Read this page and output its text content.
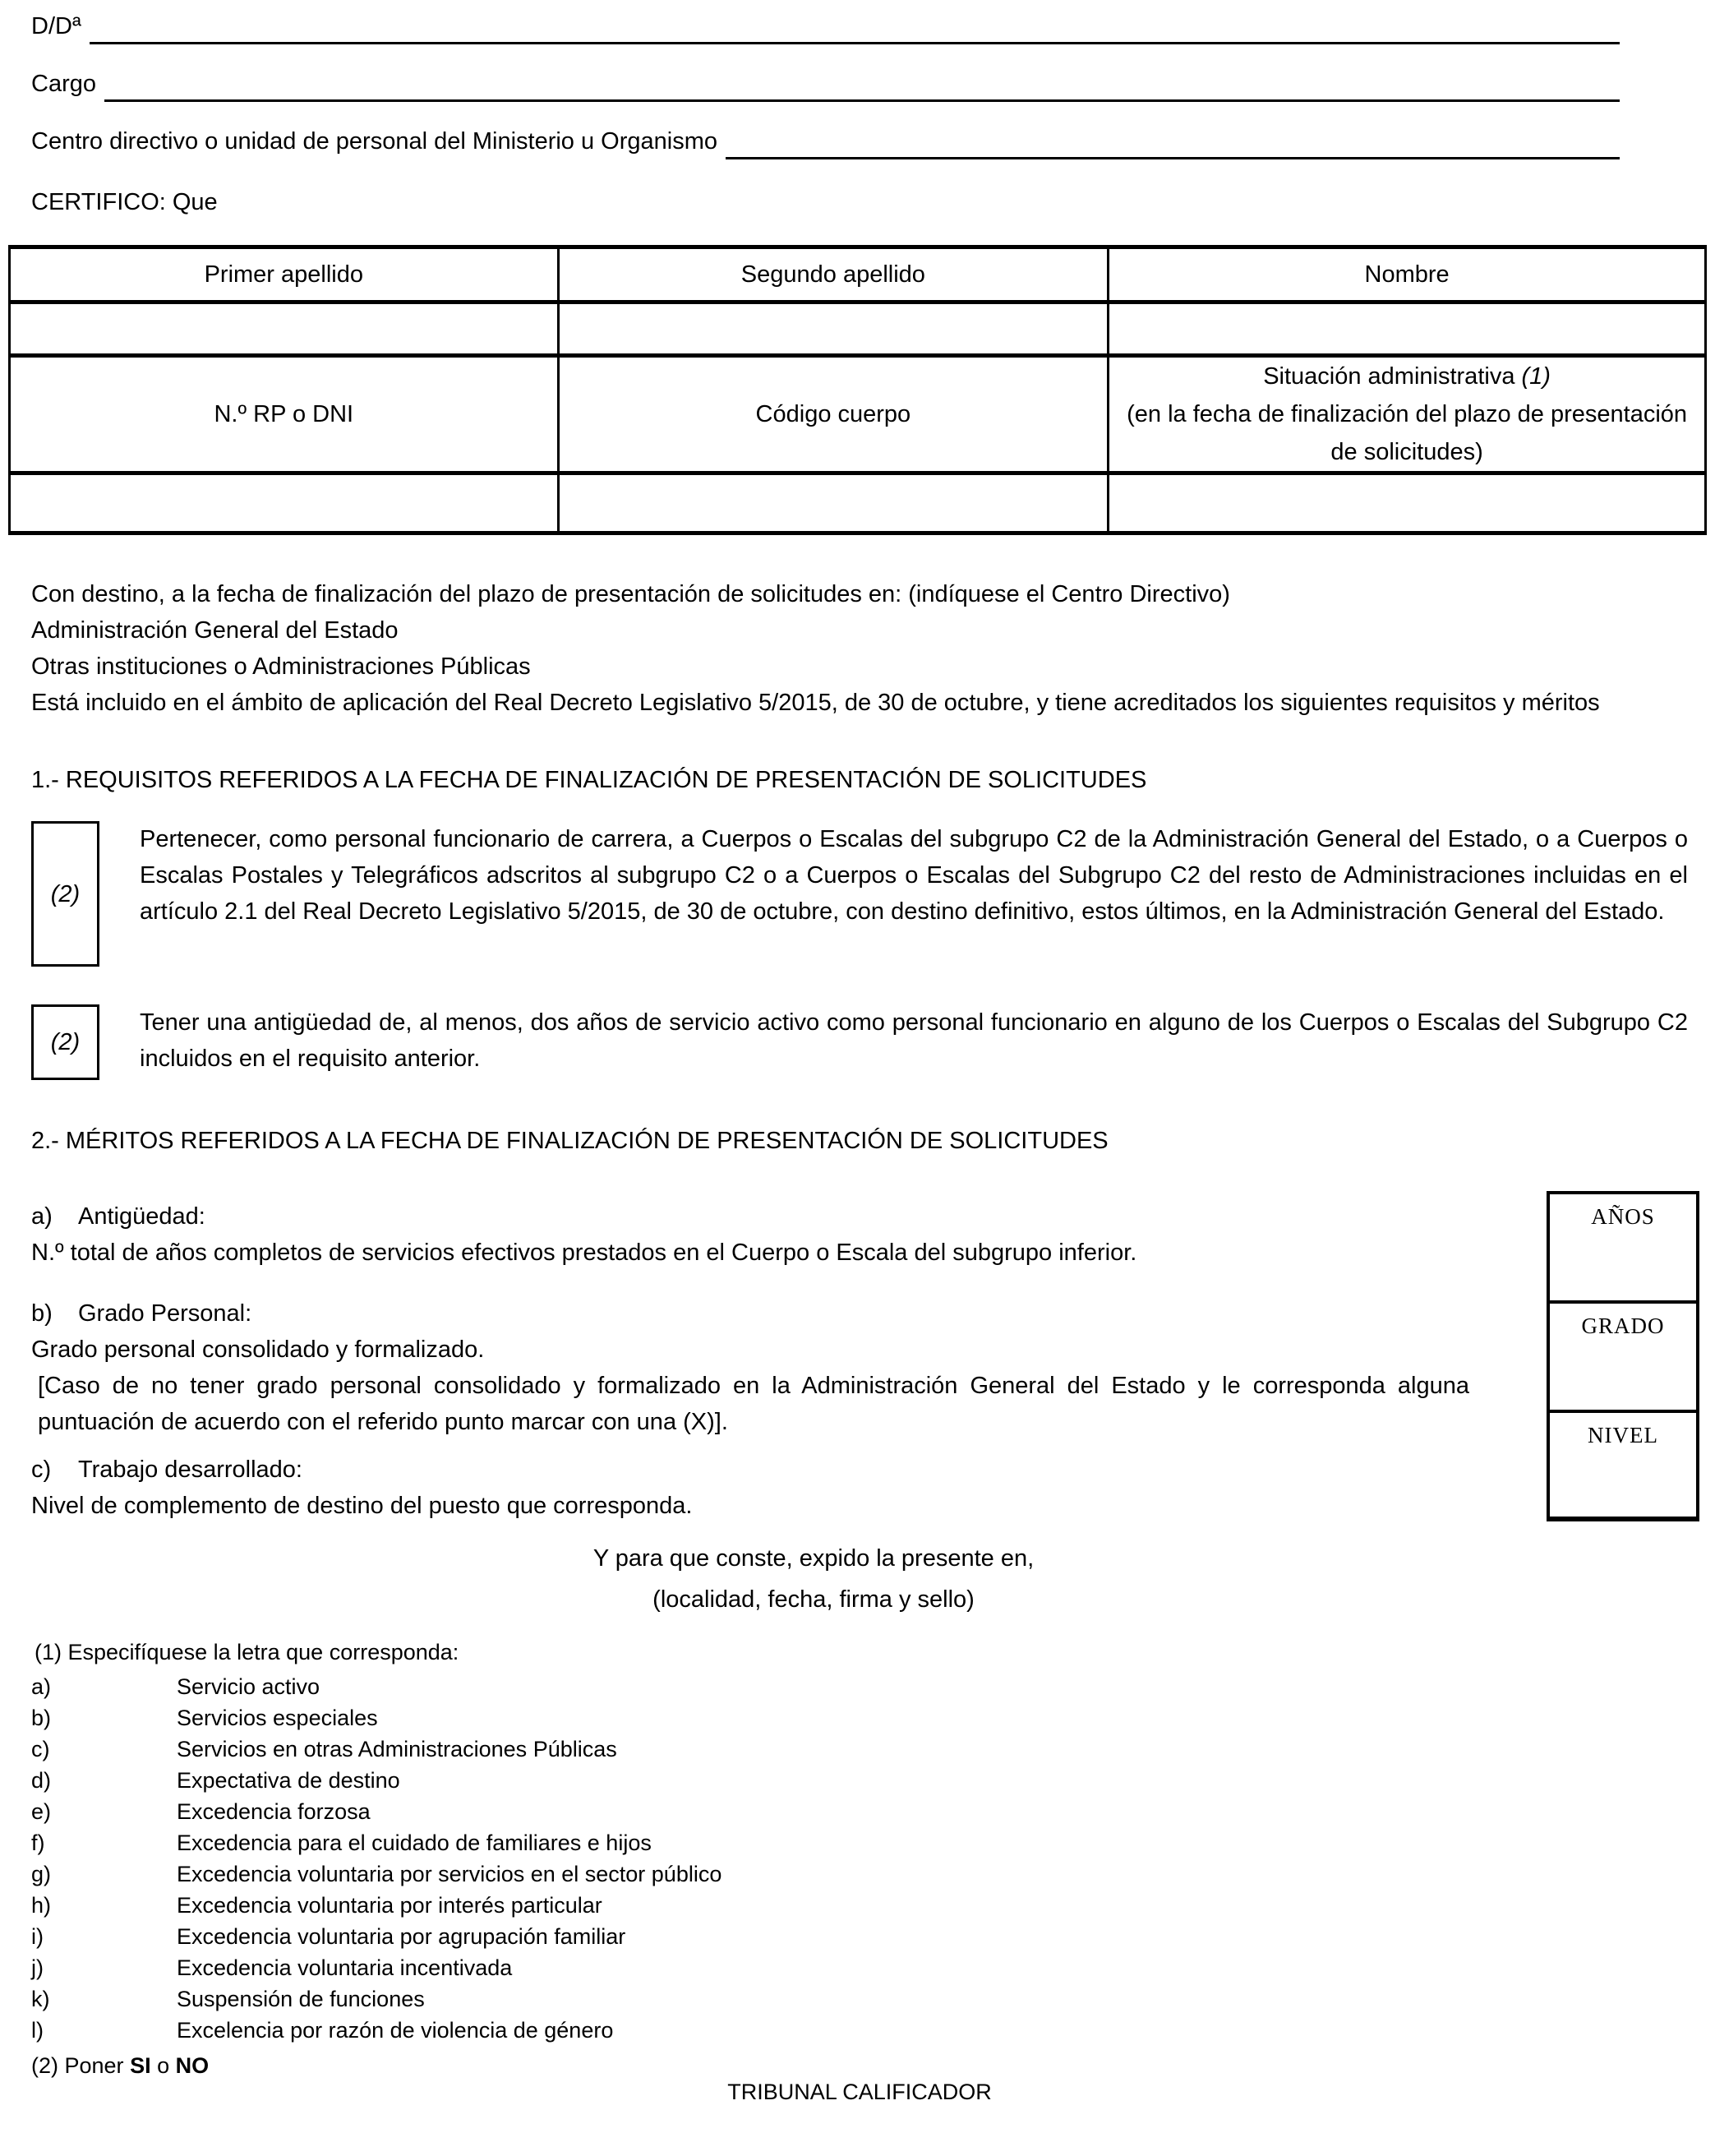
D/Dª
Cargo
Centro directivo o unidad de personal del Ministerio u Organismo
CERTIFICO: Que
Primer apellido	Segundo apellido	Nombre

N.º RP o DNI	Código cuerpo	Situación administrativa (1)
(en la fecha de finalización del plazo de presentación de solicitudes)

Con destino, a la fecha de finalización del plazo de presentación de solicitudes en: (indíquese el Centro Directivo)
Administración General del Estado
Otras instituciones o Administraciones Públicas
Está incluido en el ámbito de aplicación del Real Decreto Legislativo 5/2015, de 30 de octubre, y tiene acreditados los siguientes requisitos y méritos
1.- REQUISITOS REFERIDOS A LA FECHA DE FINALIZACIÓN DE PRESENTACIÓN DE SOLICITUDES
(2)
Pertenecer, como personal funcionario de carrera, a Cuerpos o Escalas del subgrupo C2 de la Administración General del Estado, o a Cuerpos o Escalas Postales y Telegráficos adscritos al subgrupo C2 o a Cuerpos o Escalas del Subgrupo C2 del resto de Administraciones incluidas en el artículo 2.1 del Real Decreto Legislativo 5/2015, de 30 de octubre, con destino definitivo, estos últimos, en la Administración General del Estado.
(2)
Tener una antigüedad de, al menos, dos años de servicio activo como personal funcionario en alguno de los Cuerpos o Escalas del Subgrupo C2 incluidos en el requisito anterior.
2.- MÉRITOS REFERIDOS A LA FECHA DE FINALIZACIÓN DE PRESENTACIÓN DE SOLICITUDES
AÑOS
GRADO
NIVEL
a) Antigüedad:
N.º total de años completos de servicios efectivos prestados en el Cuerpo o Escala del subgrupo inferior.
b) Grado Personal:
Grado personal consolidado y formalizado.
[Caso de no tener grado personal consolidado y formalizado en la Administración General del Estado y le corresponda alguna puntuación de acuerdo con el referido punto marcar con una (X)].
c) Trabajo desarrollado:
Nivel de complemento de destino del puesto que corresponda.
Y para que conste, expido la presente en,
(localidad, fecha, firma y sello)
(1) Especifíquese la letra que corresponda:
a)	Servicio activo
b)	Servicios especiales
c)	Servicios en otras Administraciones Públicas
d)	Expectativa de destino
e)	Excedencia forzosa
f)	Excedencia para el cuidado de familiares e hijos
g)	Excedencia voluntaria por servicios en el sector público
h)	Excedencia voluntaria por interés particular
i)	Excedencia voluntaria por agrupación familiar
j)	Excedencia voluntaria incentivada
k)	Suspensión de funciones
l)	Excelencia por razón de violencia de género
(2) Poner SI o NO
TRIBUNAL CALIFICADOR
